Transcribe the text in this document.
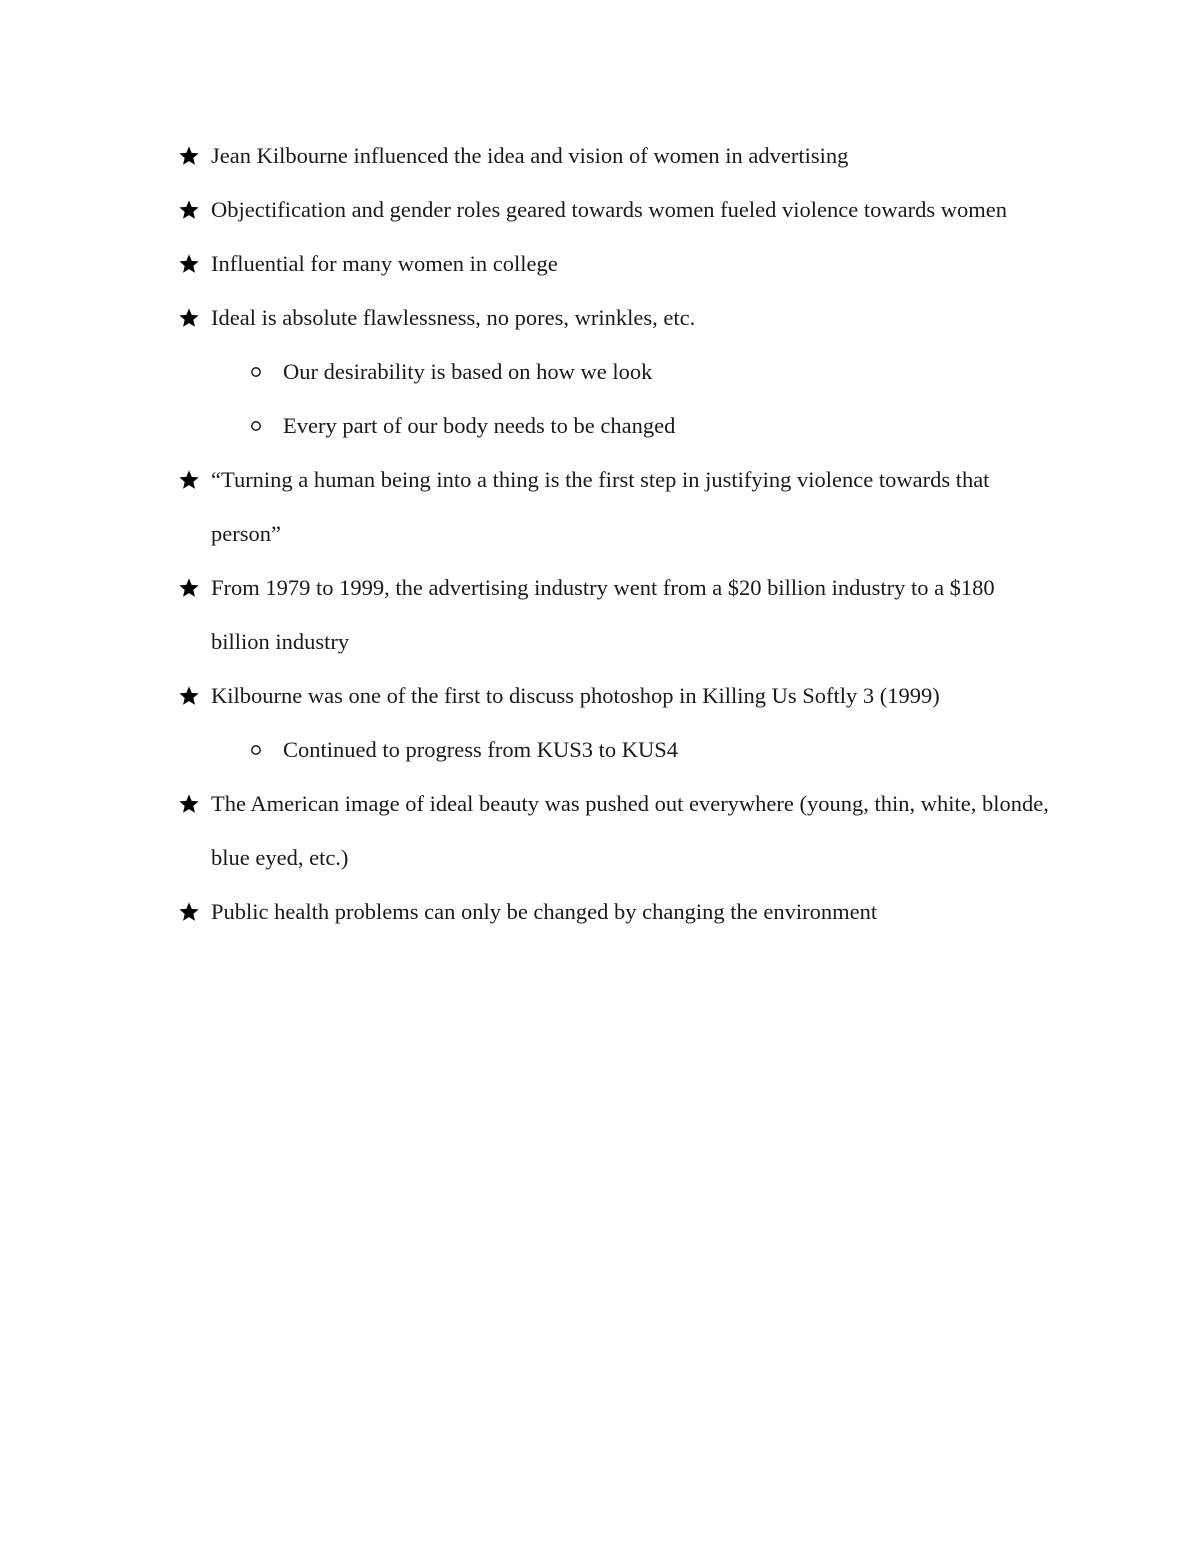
Jean Kilbourne influenced the idea and vision of women in advertising
Objectification and gender roles geared towards women fueled violence towards women
Influential for many women in college
Ideal is absolute flawlessness, no pores, wrinkles, etc.
Our desirability is based on how we look
Every part of our body needs to be changed
“Turning a human being into a thing is the first step in justifying violence towards that person”
From 1979 to 1999, the advertising industry went from a $20 billion industry to a $180 billion industry
Kilbourne was one of the first to discuss photoshop in Killing Us Softly 3 (1999)
Continued to progress from KUS3 to KUS4
The American image of ideal beauty was pushed out everywhere (young, thin, white, blonde, blue eyed, etc.)
Public health problems can only be changed by changing the environment
